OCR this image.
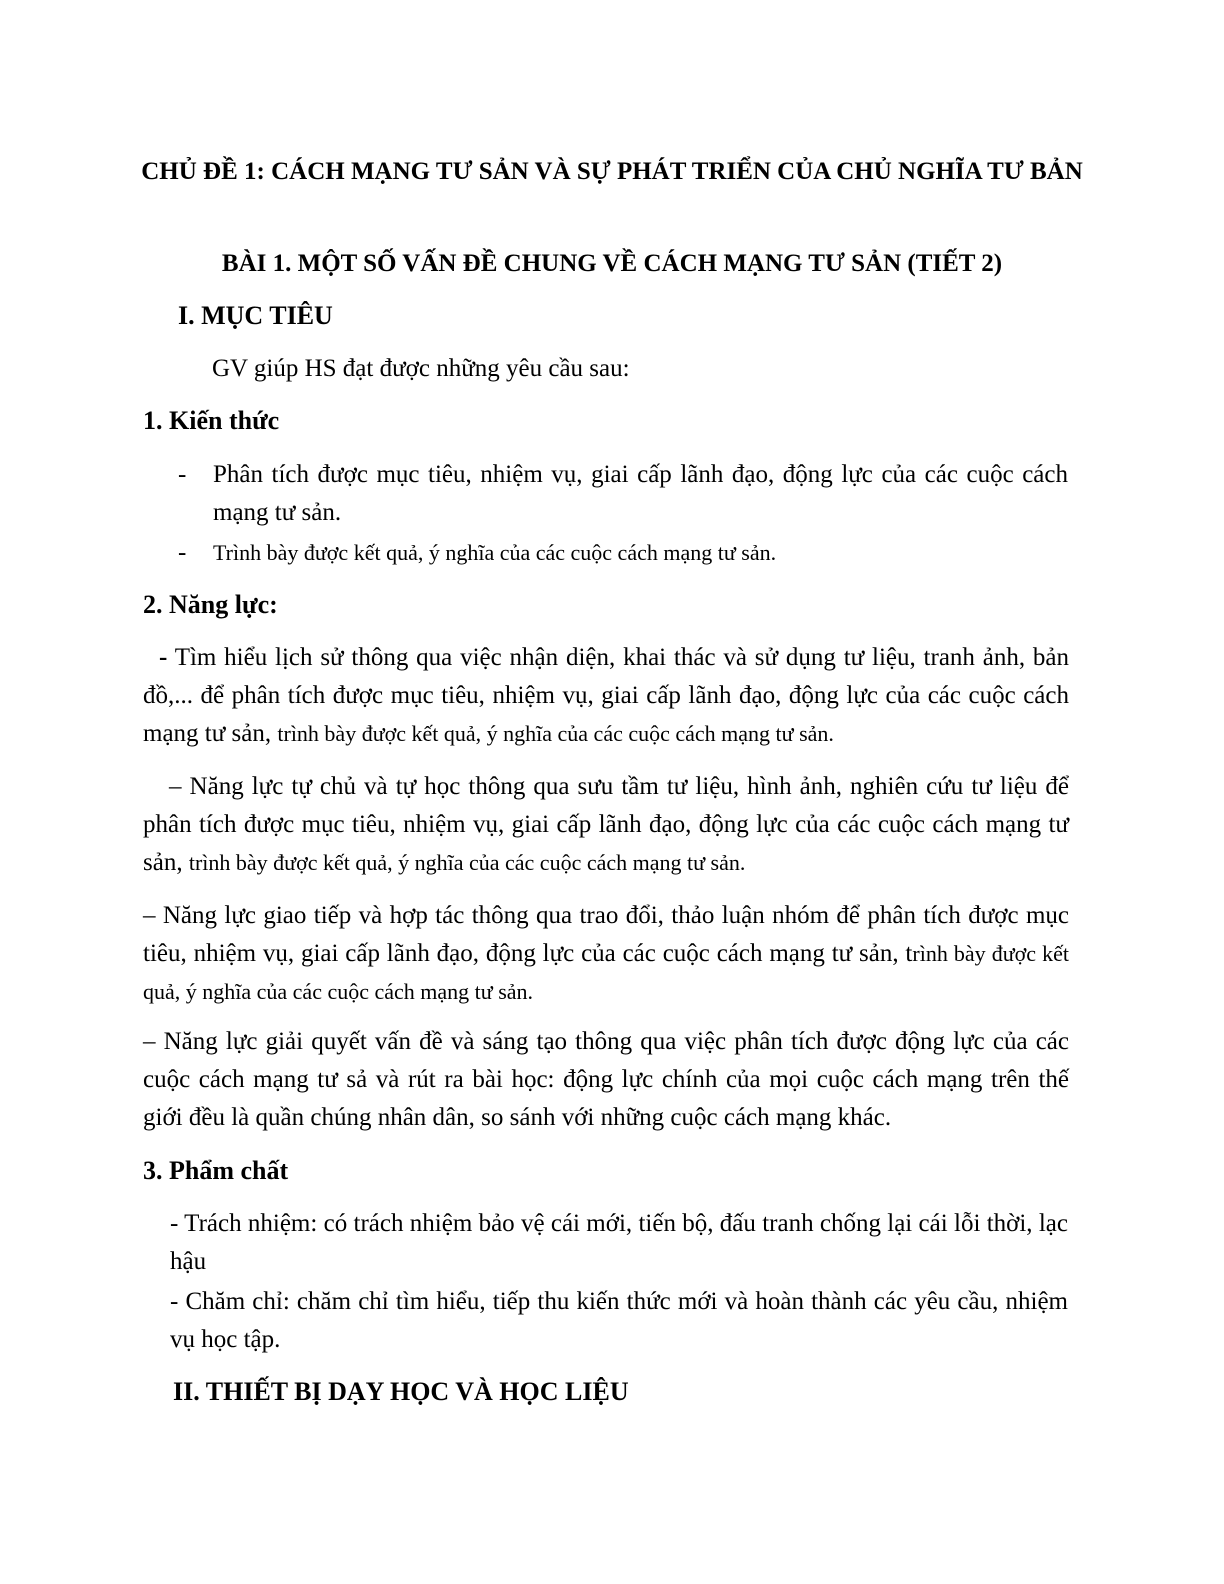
CHỦ ĐỀ 1: CÁCH MẠNG TƯ SẢN VÀ SỰ PHÁT TRIỂN CỦA CHỦ NGHĨA TƯ BẢN
BÀI 1. MỘT SỐ VẤN ĐỀ CHUNG VỀ CÁCH MẠNG TƯ SẢN (TIẾT 2)
I. MỤC TIÊU

GV giúp HS đạt được những yêu cầu sau:

1. Kiến thức
- Phân tích được mục tiêu, nhiệm vụ, giai cấp lãnh đạo, động lực của các cuộc cách mạng tư sản.

- Trình bày được kết quả, ý nghĩa của các cuộc cách mạng tư sản.

2. Năng lực:

- Tìm hiểu lịch sử thông qua việc nhận diện, khai thác và sử dụng tư liệu, tranh ảnh, bản đồ,... để phân tích được mục tiêu, nhiệm vụ, giai cấp lãnh đạo, động lực của các cuộc cách mạng tư sản, trình bày được kết quả, ý nghĩa của các cuộc cách mạng tư sản.

– Năng lực tự chủ và tự học thông qua sưu tầm tư liệu, hình ảnh, nghiên cứu tư liệu để phân tích được mục tiêu, nhiệm vụ, giai cấp lãnh đạo, động lực của các cuộc cách mạng tư sản, trình bày được kết quả, ý nghĩa của các cuộc cách mạng tư sản.

– Năng lực giao tiếp và hợp tác thông qua trao đổi, thảo luận nhóm để phân tích được mục tiêu, nhiệm vụ, giai cấp lãnh đạo, động lực của các cuộc cách mạng tư sản, trình bày được kết quả, ý nghĩa của các cuộc cách mạng tư sản.

– Năng lực giải quyết vấn đề và sáng tạo thông qua việc phân tích được động lực của các cuộc cách mạng tư sả và rút ra bài học: động lực chính của mọi cuộc cách mạng trên thế giới đều là quần chúng nhân dân, so sánh với những cuộc cách mạng khác.

3. Phẩm chất

- Trách nhiệm: có trách nhiệm bảo vệ cái mới, tiến bộ, đấu tranh chống lại cái lỗi thời, lạc hậu

- Chăm chỉ: chăm chỉ tìm hiểu, tiếp thu kiến thức mới và hoàn thành các yêu cầu, nhiệm vụ học tập.

II. THIẾT BỊ DẠY HỌC VÀ HỌC LIỆU
